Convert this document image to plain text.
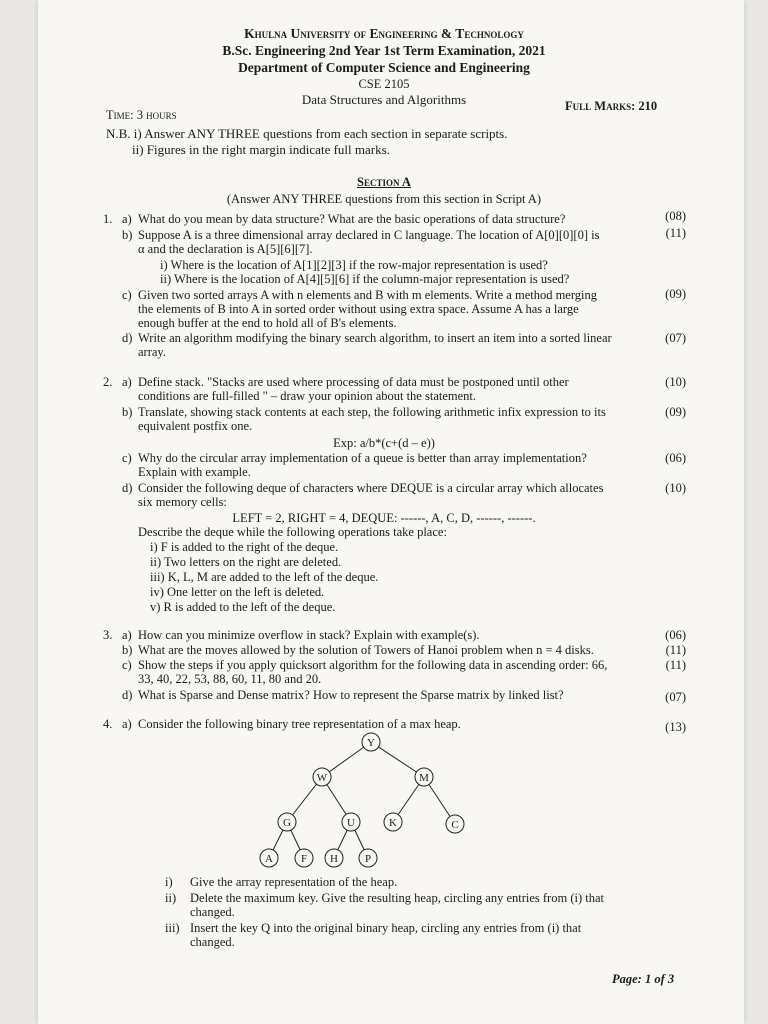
Khulna University of Engineering & Technology
B.Sc. Engineering 2nd Year 1st Term Examination, 2021
Department of Computer Science and Engineering
CSE 2105
Data Structures and Algorithms
Time: 3 hours
Full Marks: 210
N.B. i) Answer ANY THREE questions from each section in separate scripts.
ii) Figures in the right margin indicate full marks.
Section A
(Answer ANY THREE questions from this section in Script A)
1. a) What do you mean by data structure? What are the basic operations of data structure?	(08)
b) Suppose A is a three dimensional array declared in C language. The location of A[0][0][0] is
α and the declaration is A[5][6][7].
i) Where is the location of A[1][2][3] if the row-major representation is used?
ii) Where is the location of A[4][5][6] if the column-major representation is used?
(11)
c) Given two sorted arrays A with n elements and B with m elements. Write a method merging
the elements of B into A in sorted order without using extra space. Assume A has a large
enough buffer at the end to hold all of B's elements.
(09)
d) Write an algorithm modifying the binary search algorithm, to insert an item into a sorted linear
array.
(07)
2. a) Define stack. "Stacks are used where processing of data must be postponed until other
conditions are full-filled " – draw your opinion about the statement.
(10)
b) Translate, showing stack contents at each step, the following arithmetic infix expression to its
equivalent postfix one.
Exp: a/b*(c+(d – e))
(09)
c) Why do the circular array implementation of a queue is better than array implementation?
Explain with example.
(06)
d) Consider the following deque of characters where DEQUE is a circular array which allocates
six memory cells:
LEFT = 2, RIGHT = 4, DEQUE: ------, A, C, D, ------, ------.
Describe the deque while the following operations take place:
i) F is added to the right of the deque.
ii) Two letters on the right are deleted.
iii) K, L, M are added to the left of the deque.
iv) One letter on the left is deleted.
v) R is added to the left of the deque.
(10)
3. a) How can you minimize overflow in stack? Explain with example(s).	(06)
b) What are the moves allowed by the solution of Towers of Hanoi problem when n = 4 disks.	(11)
c) Show the steps if you apply quicksort algorithm for the following data in ascending order: 66,
33, 40, 22, 53, 88, 60, 11, 80 and 20.
(11)
d) What is Sparse and Dense matrix? How to represent the Sparse matrix by linked list?	(07)
4. a) Consider the following binary tree representation of a max heap.	(13)
Y
W	M
G	U	K	C
A	F H P
i) Give the array representation of the heap.
ii) Delete the maximum key. Give the resulting heap, circling any entries from (i) that
changed.
iii) Insert the key Q into the original binary heap, circling any entries from (i) that
changed.
Page: 1 of 3
